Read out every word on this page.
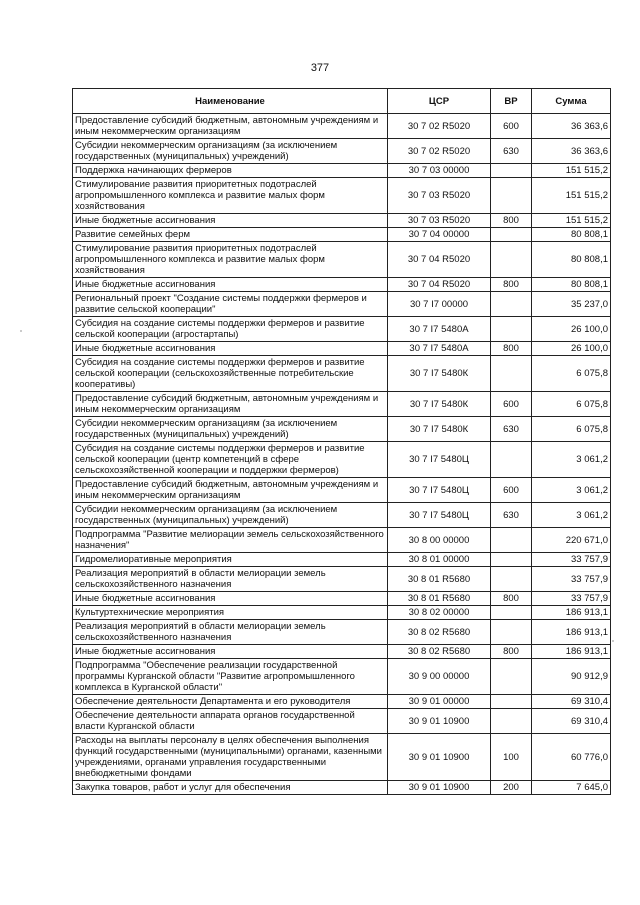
377
Наименование	ЦСР	ВР	Сумма
Предоставление субсидий бюджетным, автономным учреждениям и иным некоммерческим организациям	30 7 02 R5020	600	36 363,6
Субсидии некоммерческим организациям (за исключением государственных (муниципальных) учреждений)	30 7 02 R5020	630	36 363,6
Поддержка начинающих фермеров	30 7 03 00000		151 515,2
Стимулирование развития приоритетных подотраслей агропромышленного комплекса и развитие малых форм хозяйствования	30 7 03 R5020		151 515,2
Иные бюджетные ассигнования	30 7 03 R5020	800	151 515,2
Развитие семейных ферм	30 7 04 00000		80 808,1
Стимулирование развития приоритетных подотраслей агропромышленного комплекса и развитие малых форм хозяйствования	30 7 04 R5020		80 808,1
Иные бюджетные ассигнования	30 7 04 R5020	800	80 808,1
Региональный проект "Создание системы поддержки фермеров и развитие сельской кооперации"	30 7 I7 00000		35 237,0
Субсидия на создание системы поддержки фермеров и развитие сельской кооперации (агростартапы)	30 7 I7 5480А		26 100,0
Иные бюджетные ассигнования	30 7 I7 5480А	800	26 100,0
Субсидия на создание системы поддержки фермеров и развитие сельской кооперации (сельскохозяйственные потребительские кооперативы)	30 7 I7 5480К		6 075,8
Предоставление субсидий бюджетным, автономным учреждениям и иным некоммерческим организациям	30 7 I7 5480К	600	6 075,8
Субсидии некоммерческим организациям (за исключением государственных (муниципальных) учреждений)	30 7 I7 5480К	630	6 075,8
Субсидия на создание системы поддержки фермеров и развитие сельской кооперации (центр компетенций в сфере сельскохозяйственной кооперации и поддержки фермеров)	30 7 I7 5480Ц		3 061,2
Предоставление субсидий бюджетным, автономным учреждениям и иным некоммерческим организациям	30 7 I7 5480Ц	600	3 061,2
Субсидии некоммерческим организациям (за исключением государственных (муниципальных) учреждений)	30 7 I7 5480Ц	630	3 061,2
Подпрограмма "Развитие мелиорации земель сельскохозяйственного назначения"	30 8 00 00000		220 671,0
Гидромелиоративные мероприятия	30 8 01 00000		33 757,9
Реализация мероприятий в области мелиорации земель сельскохозяйственного назначения	30 8 01 R5680		33 757,9
Иные бюджетные ассигнования	30 8 01 R5680	800	33 757,9
Культуртехнические мероприятия	30 8 02 00000		186 913,1
Реализация мероприятий в области мелиорации земель сельскохозяйственного назначения	30 8 02 R5680		186 913,1
Иные бюджетные ассигнования	30 8 02 R5680	800	186 913,1
Подпрограмма "Обеспечение реализации государственной программы Курганской области "Развитие агропромышленного комплекса в Курганской области"	30 9 00 00000		90 912,9
Обеспечение деятельности Департамента и его руководителя	30 9 01 00000		69 310,4
Обеспечение деятельности аппарата органов государственной власти Курганской области	30 9 01 10900		69 310,4
Расходы на выплаты персоналу в целях обеспечения выполнения функций государственными (муниципальными) органами, казенными учреждениями, органами управления государственными внебюджетными фондами	30 9 01 10900	100	60 776,0
Закупка товаров, работ и услуг для обеспечения	30 9 01 10900	200	7 645,0
